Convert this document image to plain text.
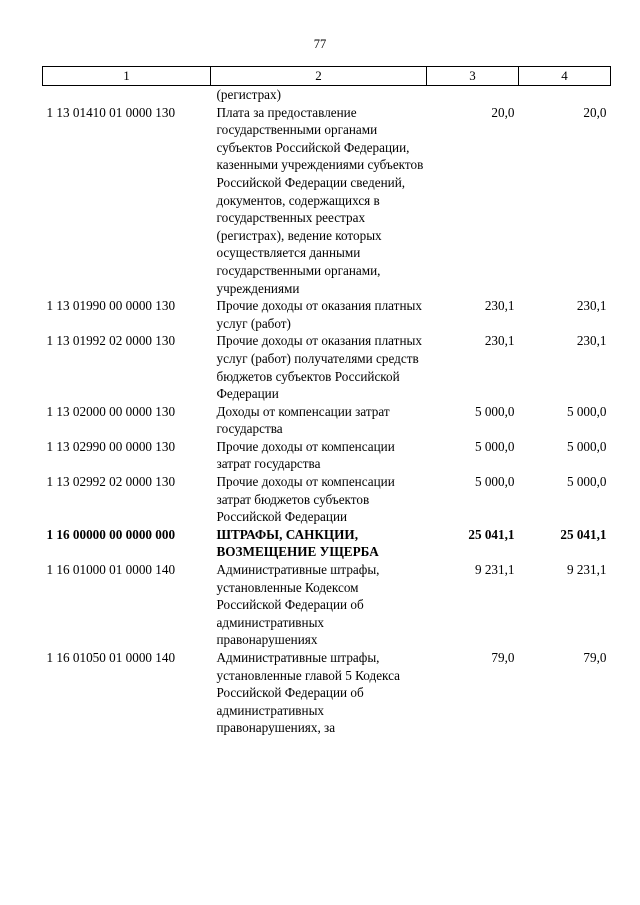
77
1	2	3	4
	(регистрах)		
1 13 01410 01 0000 130	Плата за предоставление государственными органами субъектов Российской Федерации, казенными учреждениями субъектов Российской Федерации сведений, документов, содержащихся в государственных реестрах (регистрах), ведение которых осуществляется данными государственными органами, учреждениями	20,0	20,0
1 13 01990 00 0000 130	Прочие доходы от оказания платных услуг (работ)	230,1	230,1
1 13 01992 02 0000 130	Прочие доходы от оказания платных услуг (работ) получателями средств бюджетов субъектов Российской Федерации	230,1	230,1
1 13 02000 00 0000 130	Доходы от компенсации затрат государства	5 000,0	5 000,0
1 13 02990 00 0000 130	Прочие доходы от компенсации затрат государства	5 000,0	5 000,0
1 13 02992 02 0000 130	Прочие доходы от компенсации затрат бюджетов субъектов Российской Федерации	5 000,0	5 000,0
1 16 00000 00 0000 000	ШТРАФЫ, САНКЦИИ, ВОЗМЕЩЕНИЕ УЩЕРБА	25 041,1	25 041,1
1 16 01000 01 0000 140	Административные штрафы, установленные Кодексом Российской Федерации об административных правонарушениях	9 231,1	9 231,1
1 16 01050 01 0000 140	Административные штрафы, установленные главой 5 Кодекса Российской Федерации об административных правонарушениях, за	79,0	79,0
